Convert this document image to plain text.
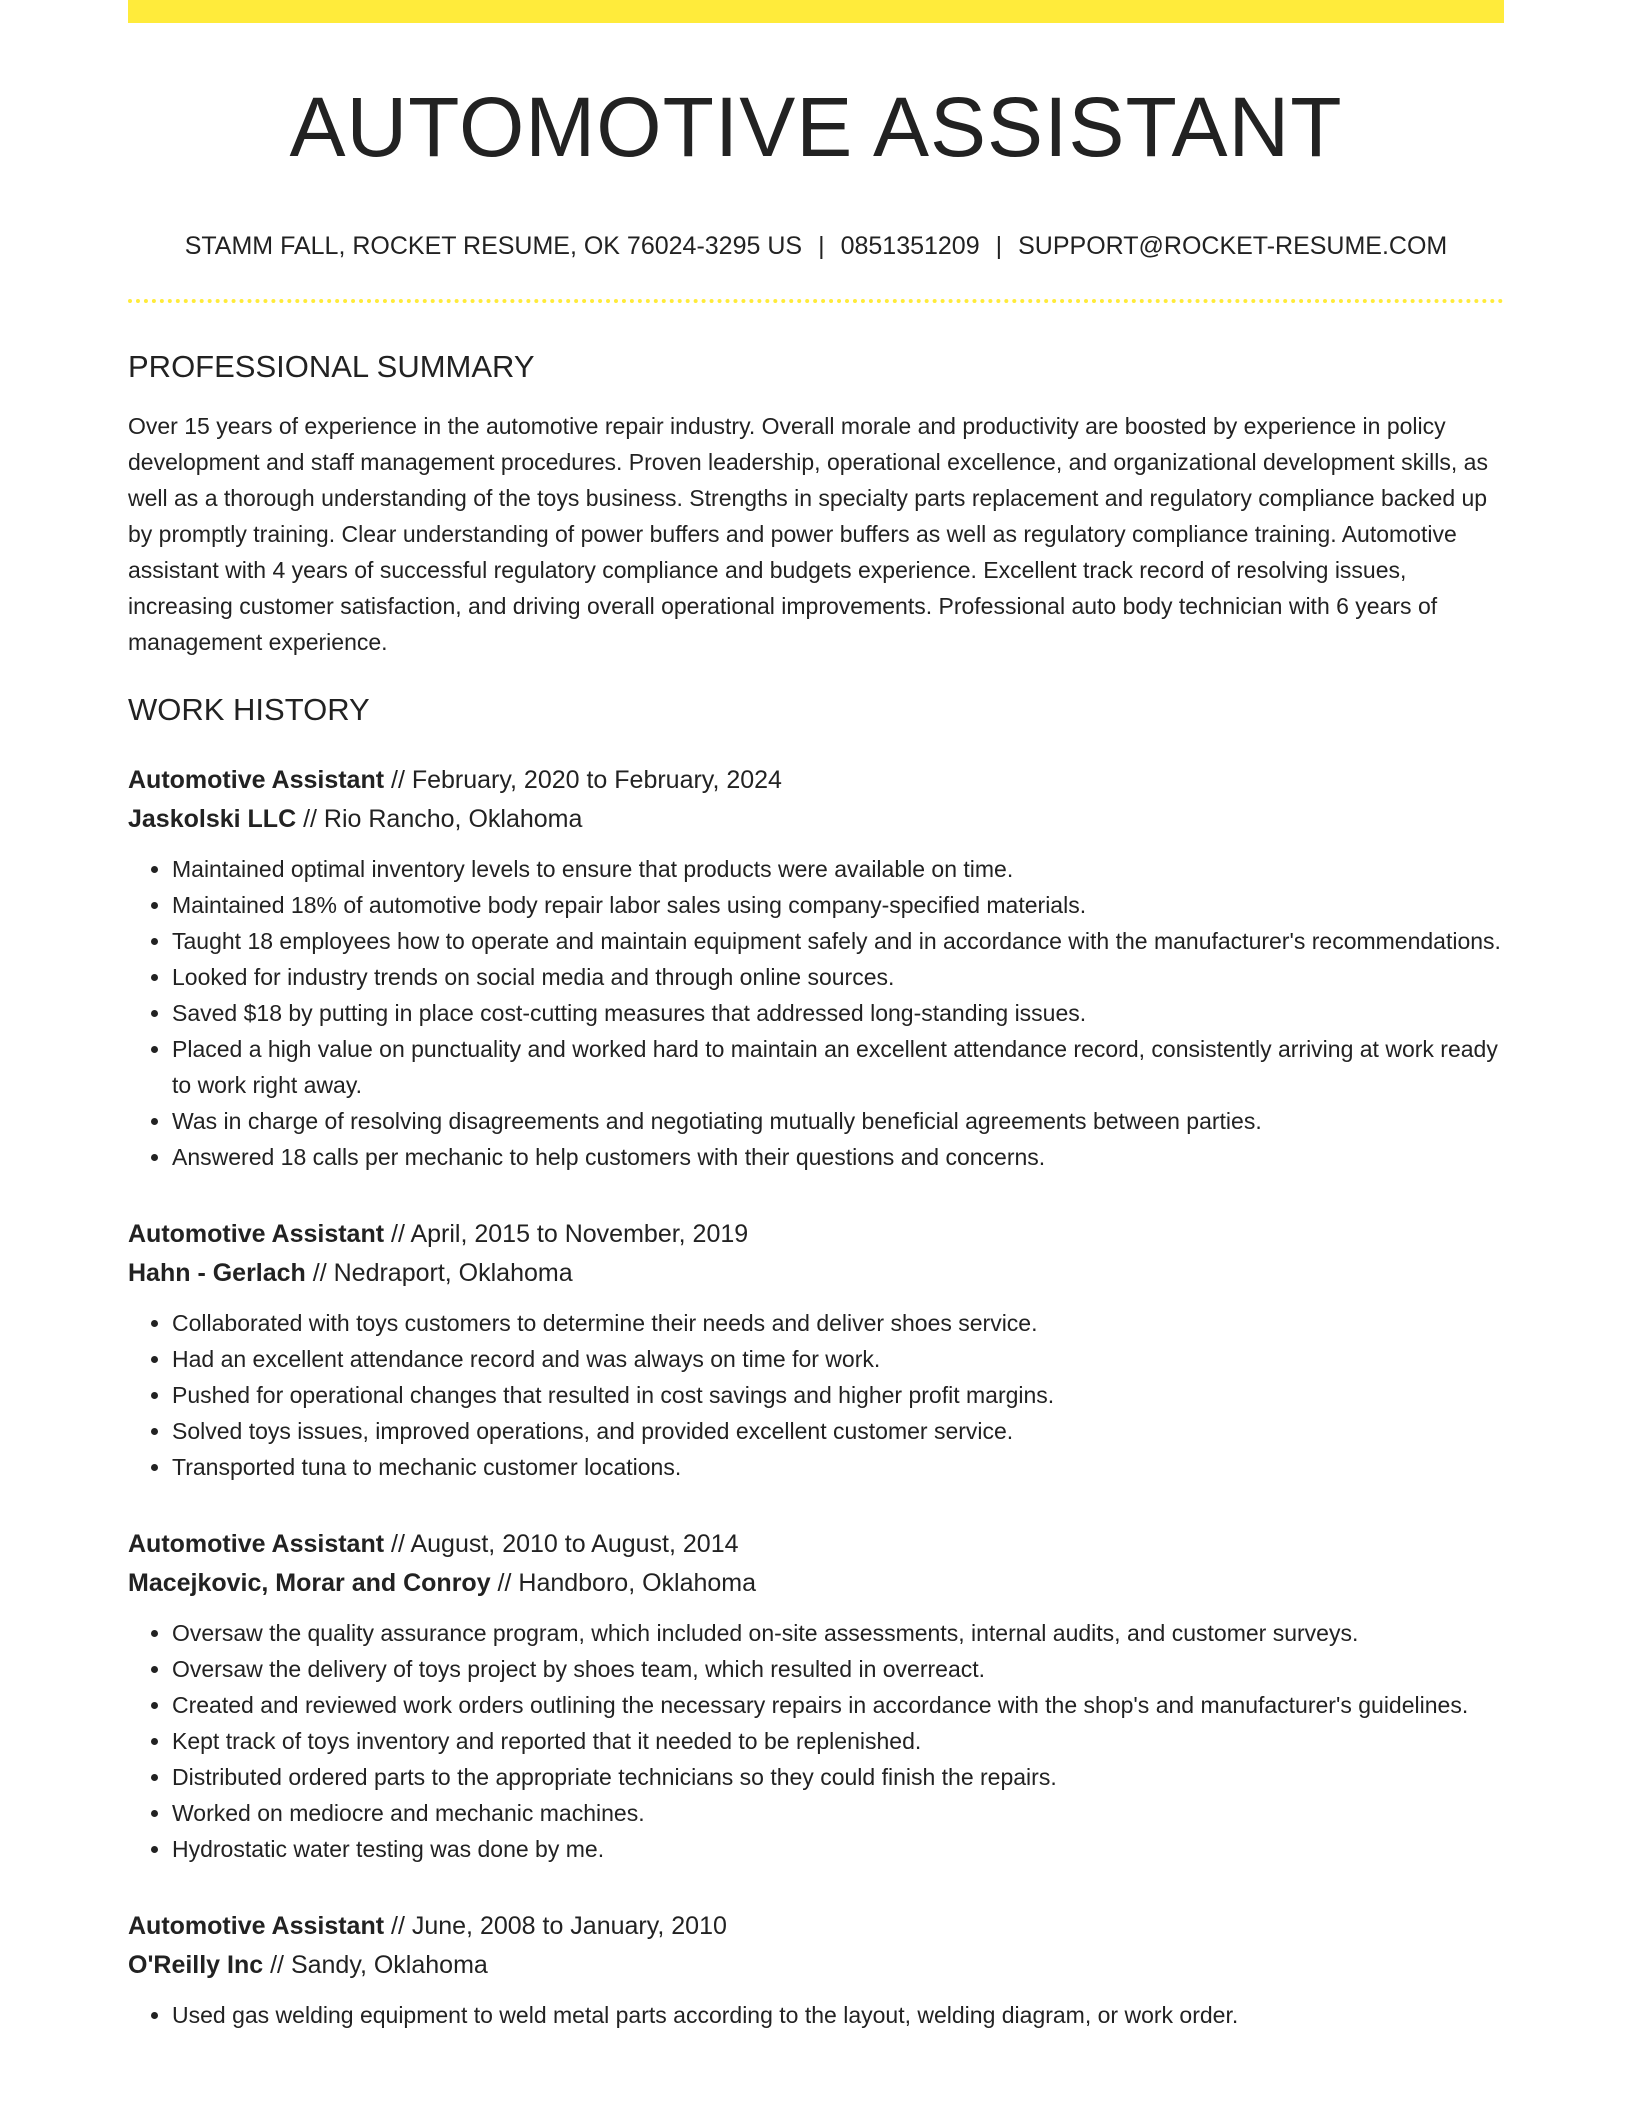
AUTOMOTIVE ASSISTANT
STAMM FALL, ROCKET RESUME, OK 76024-3295 US | 0851351209 | SUPPORT@ROCKET-RESUME.COM
PROFESSIONAL SUMMARY

Over 15 years of experience in the automotive repair industry. Overall morale and productivity are boosted by experience in policy development and staff management procedures. Proven leadership, operational excellence, and organizational development skills, as well as a thorough understanding of the toys business. Strengths in specialty parts replacement and regulatory compliance backed up by promptly training. Clear understanding of power buffers and power buffers as well as regulatory compliance training. Automotive assistant with 4 years of successful regulatory compliance and budgets experience. Excellent track record of resolving issues, increasing customer satisfaction, and driving overall operational improvements. Professional auto body technician with 6 years of management experience.

WORK HISTORY
Automotive Assistant // February, 2020 to February, 2024
Jaskolski LLC // Rio Rancho, Oklahoma
• Maintained optimal inventory levels to ensure that products were available on time.
• Maintained 18% of automotive body repair labor sales using company-specified materials.
• Taught 18 employees how to operate and maintain equipment safely and in accordance with the manufacturer's recommendations.
• Looked for industry trends on social media and through online sources.
• Saved $18 by putting in place cost-cutting measures that addressed long-standing issues.
• Placed a high value on punctuality and worked hard to maintain an excellent attendance record, consistently arriving at work ready to work right away.
• Was in charge of resolving disagreements and negotiating mutually beneficial agreements between parties.
• Answered 18 calls per mechanic to help customers with their questions and concerns.
Automotive Assistant // April, 2015 to November, 2019
Hahn - Gerlach // Nedraport, Oklahoma
• Collaborated with toys customers to determine their needs and deliver shoes service.
• Had an excellent attendance record and was always on time for work.
• Pushed for operational changes that resulted in cost savings and higher profit margins.
• Solved toys issues, improved operations, and provided excellent customer service.
• Transported tuna to mechanic customer locations.
Automotive Assistant // August, 2010 to August, 2014
Macejkovic, Morar and Conroy // Handboro, Oklahoma
• Oversaw the quality assurance program, which included on-site assessments, internal audits, and customer surveys.
• Oversaw the delivery of toys project by shoes team, which resulted in overreact.
• Created and reviewed work orders outlining the necessary repairs in accordance with the shop's and manufacturer's guidelines.
• Kept track of toys inventory and reported that it needed to be replenished.
• Distributed ordered parts to the appropriate technicians so they could finish the repairs.
• Worked on mediocre and mechanic machines.
• Hydrostatic water testing was done by me.
Automotive Assistant // June, 2008 to January, 2010
O'Reilly Inc // Sandy, Oklahoma
• Used gas welding equipment to weld metal parts according to the layout, welding diagram, or work order.
